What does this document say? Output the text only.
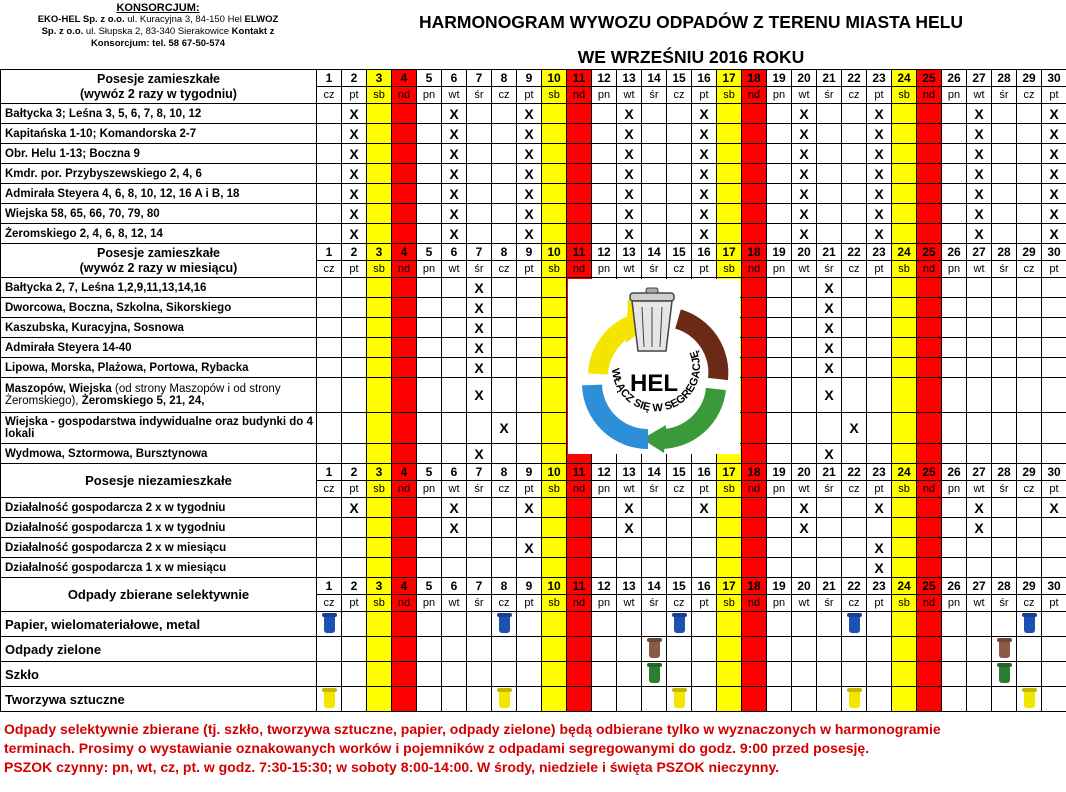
KONSORCJUM:
EKO-HEL Sp. z o.o. ul. Kuracyjna 3, 84-150 Hel ELWOZ
Sp. z o.o. ul. Słupska 2, 83-340 Sierakowice Kontakt z
Konsorcjum: tel. 58 67-50-574
HARMONOGRAM WYWOZU ODPADÓW Z TERENU MIASTA HELU
WE WRZEŚNIU 2016 ROKU
Posesje zamieszkałe
(wywóz 2 razy w tygodniu)	1	2	3	4	5	6	7	8	9	10	11	12	13	14	15	16	17	18	19	20	21	22	23	24	25	26	27	28	29	30
	cz	pt	sb	nd	pn	wt	śr	cz	pt	sb	nd	pn	wt	śr	cz	pt	sb	nd	pn	wt	śr	cz	pt	sb	nd	pn	wt	śr	cz	pt
Bałtycka 3; Leśna 3, 5, 6, 7, 8, 10, 12		X				X			X				X			X				X			X				X			X
Kapitańska 1-10; Komandorska 2-7		X				X			X				X			X				X			X				X			X
Obr. Helu 1-13; Boczna 9		X				X			X				X			X				X			X				X			X
Kmdr. por. Przybyszewskiego 2, 4, 6		X				X			X				X			X				X			X				X			X
Admirała Steyera 4, 6, 8, 10, 12, 16 A i B, 18		X				X			X				X			X				X			X				X			X
Wiejska 58, 65, 66, 70, 79, 80		X				X			X				X			X				X			X				X			X
Żeromskiego 2, 4, 6, 8, 12, 14		X				X			X				X			X				X			X				X			X

Posesje zamieszkałe
(wywóz 2 razy w miesiącu)	1	2	3	4	5	6	7	8	9	10	11	12	13	14	15	16	17	18	19	20	21	22	23	24	25	26	27	28	29	30
	cz	pt	sb	nd	pn	wt	śr	cz	pt	sb	nd	pn	wt	śr	cz	pt	sb	nd	pn	wt	śr	cz	pt	sb	nd	pn	wt	śr	cz	pt
Bałtycka 2, 7, Leśna 1,2,9,11,13,14,16							X														X									
Dworcowa, Boczna, Szkolna, Sikorskiego							X														X									
Kaszubska, Kuracyjna, Sosnowa							X														X									
Admirała Steyera 14-40							X														X									
Lipowa, Morska, Plażowa, Portowa, Rybacka							X														X									
Maszopów, Wiejska (od strony Maszopów i od strony Żeromskiego), Żeromskiego 5, 21, 24,							X														X									
Wiejska - gospodarstwa indywidualne oraz budynki do 4 lokali								X														X								
Wydmowa, Sztormowa, Bursztynowa							X														X									

Posesje niezamieszkałe	1	2	3	4	5	6	7	8	9	10	11	12	13	14	15	16	17	18	19	20	21	22	23	24	25	26	27	28	29	30
	cz	pt	sb	nd	pn	wt	śr	cz	pt	sb	nd	pn	wt	śr	cz	pt	sb	nd	pn	wt	śr	cz	pt	sb	nd	pn	wt	śr	cz	pt
Działalność gospodarcza 2 x w tygodniu		X				X			X				X			X				X			X				X			X
Działalność gospodarcza 1 x w tygodniu						X							X							X							X			
Działalność gospodarcza 2 x w miesiącu									X														X							
Działalność gospodarcza 1 x w miesiącu																							X							

Odpady zbierane selektywnie	1	2	3	4	5	6	7	8	9	10	11	12	13	14	15	16	17	18	19	20	21	22	23	24	25	26	27	28	29	30
	cz	pt	sb	nd	pn	wt	śr	cz	pt	sb	nd	pn	wt	śr	cz	pt	sb	nd	pn	wt	śr	cz	pt	sb	nd	pn	wt	śr	cz	pt
Papier, wielomateriałowe, metal																														
Odpady zielone																														
Szkło																														
Tworzywa sztuczne																														
HEL
WŁĄCZ SIĘ W SEGREGACJĘ
Odpady selektywnie zbierane (tj. szkło, tworzywa sztuczne, papier, odpady zielone) będą odbierane tylko w wyznaczonych w harmonogramie
terminach. Prosimy o wystawianie oznakowanych worków i pojemników z odpadami segregowanymi do godz. 9:00 przed posesję.
PSZOK czynny: pn, wt, cz, pt. w godz. 7:30-15:30; w soboty 8:00-14:00. W środy, niedziele i święta PSZOK nieczynny.
